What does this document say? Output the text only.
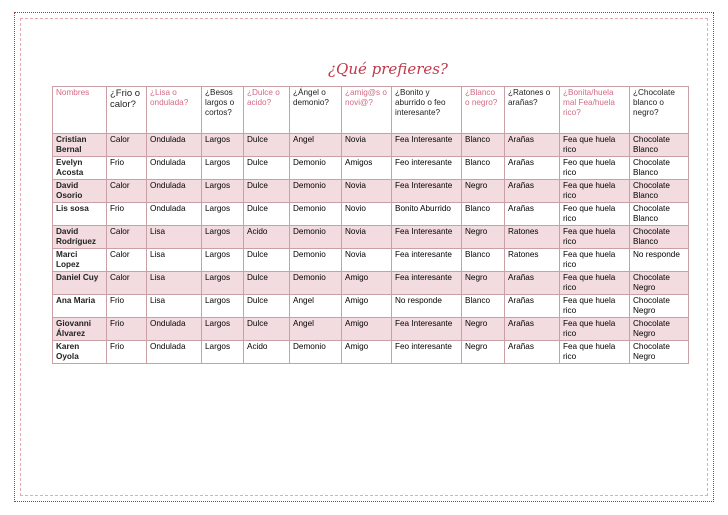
¿Qué prefieres?
Nombres	¿Frio o calor?	¿Lisa o ondulada?	¿Besos largos o cortos?	¿Dulce o acido?	¿Ángel o demonio?	¿amig@s o novi@?	¿Bonito y aburrido o feo interesante?	¿Blanco o negro?	¿Ratones o arañas?	¿Bonita/huela mal Fea/huela rico?	¿Chocolate blanco o negro?
Cristian Bernal	Calor	Ondulada	Largos	Dulce	Angel	Novia	Fea Interesante	Blanco	Arañas	Fea que huela rico	Chocolate Blanco
Evelyn Acosta	Frio	Ondulada	Largos	Dulce	Demonio	Amigos	Feo interesante	Blanco	Arañas	Feo que huela rico	Chocolate Blanco
David Osorio	Calor	Ondulada	Largos	Dulce	Demonio	Novia	Fea Interesante	Negro	Arañas	Fea que huela rico	Chocolate Blanco
Lis sosa	Frio	Ondulada	Largos	Dulce	Demonio	Novio	Bonito Aburrido	Blanco	Arañas	Feo que huela rico	Chocolate Blanco
David Rodríguez	Calor	Lisa	Largos	Acido	Demonio	Novia	Fea Interesante	Negro	Ratones	Fea que huela rico	Chocolate Blanco
Marci Lopez	Calor	Lisa	Largos	Dulce	Demonio	Novia	Fea interesante	Blanco	Ratones	Fea que huela rico	No responde
Daniel Cuy	Calor	Lisa	Largos	Dulce	Demonio	Amigo	Fea interesante	Negro	Arañas	Fea que huela rico	Chocolate Negro
Ana Maria	Frio	Lisa	Largos	Dulce	Angel	Amigo	No responde	Blanco	Arañas	Fea que huela rico	Chocolate Negro
Giovanni Álvarez	Frio	Ondulada	Largos	Dulce	Angel	Amigo	Fea Interesante	Negro	Arañas	Fea que huela rico	Chocolate Negro
Karen Oyola	Frio	Ondulada	Largos	Acido	Demonio	Amigo	Feo interesante	Negro	Arañas	Fea que huela rico	Chocolate Negro
